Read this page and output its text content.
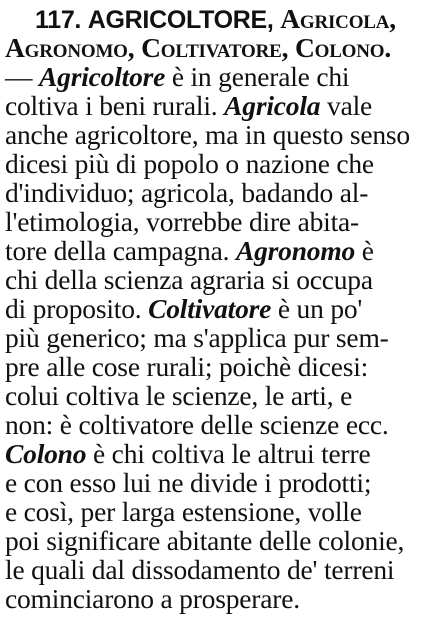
117. AGRICOLTORE, Agricola,
Agronomo, Coltivatore, Colono.
— Agricoltore è in generale chi
coltiva i beni rurali. Agricola vale
anche agricoltore, ma in questo senso
dicesi più di popolo o nazione che
d'individuo; agricola, badando al-
l'etimologia, vorrebbe dire abita-
tore della campagna. Agronomo è
chi della scienza agraria si occupa
di proposito. Coltivatore è un po'
più generico; ma s'applica pur sem-
pre alle cose rurali; poichè dicesi:
colui coltiva le scienze, le arti, e
non: è coltivatore delle scienze ecc.
Colono è chi coltiva le altrui terre
e con esso lui ne divide i prodotti;
e così, per larga estensione, volle
poi significare abitante delle colonie,
le quali dal dissodamento de' terreni
cominciarono a prosperare.
